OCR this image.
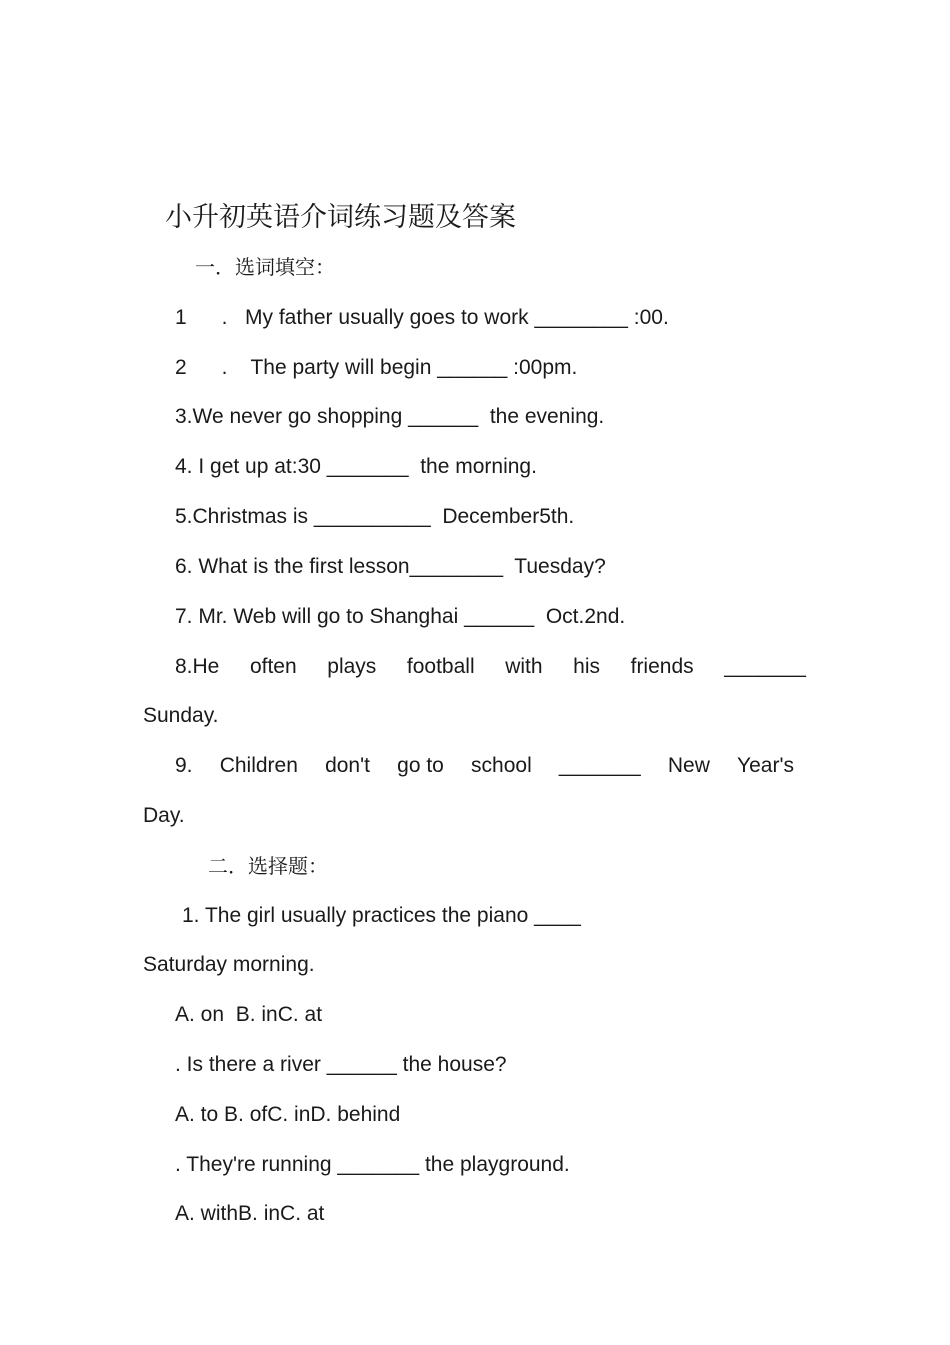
小升初英语介词练习题及答案
一．选词填空：
1      .   My father usually goes to work ________ :00.
2      .    The party will begin ______ :00pm.
3.We never go shopping ______  the evening.
4. I get up at:30 _______  the morning.
5.Christmas is __________  December5th.
6. What is the first lesson________  Tuesday?
7. Mr. Web will go to Shanghai ______  Oct.2nd.
8.He often plays football with his friends _______
Sunday.
9. Children don't go to school _______ New Year's
Day.
二．选择题：
1. The girl usually practices the piano ____
Saturday morning.
A. on  B. inC. at
. Is there a river ______ the house?
A. to B. ofC. inD. behind
. They're running _______ the playground.
A. withB. inC. at
